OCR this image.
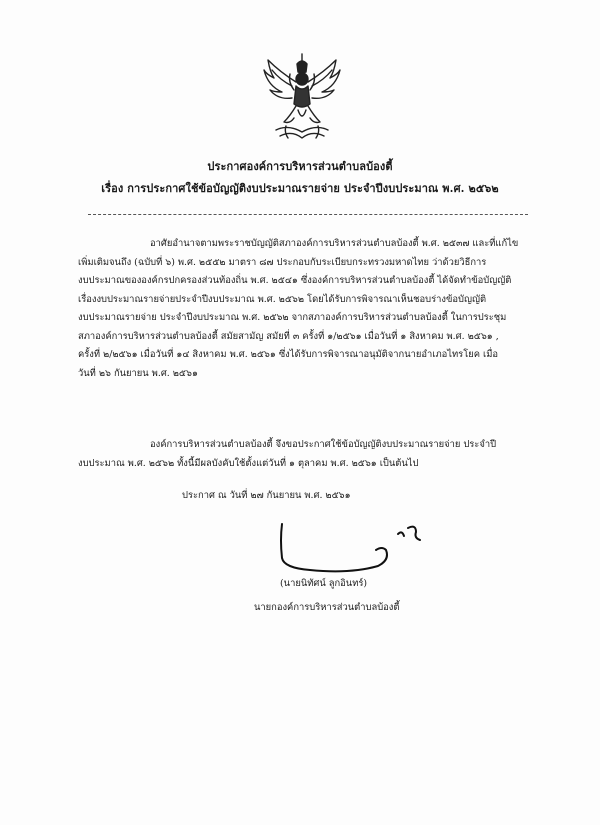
ประกาศองค์การบริหารส่วนตำบลบ้องตี้
เรื่อง การประกาศใช้ข้อบัญญัติงบประมาณรายจ่าย ประจำปีงบประมาณ พ.ศ. ๒๕๖๒
อาศัยอำนาจตามพระราชบัญญัติสภาองค์การบริหารส่วนตำบลบ้องตี้ พ.ศ. ๒๕๓๗ และที่แก้ไข
เพิ่มเติมจนถึง (ฉบับที่ ๖) พ.ศ. ๒๕๕๒ มาตรา ๘๗ ประกอบกับระเบียบกระทรวงมหาดไทย ว่าด้วยวิธีการ
งบประมาณขององค์กรปกครองส่วนท้องถิ่น พ.ศ. ๒๕๔๑ ซึ่งองค์การบริหารส่วนตำบลบ้องตี้ ได้จัดทำข้อบัญญัติ
เรื่องงบประมาณรายจ่ายประจำปีงบประมาณ พ.ศ. ๒๕๖๒ โดยได้รับการพิจารณาเห็นชอบร่างข้อบัญญัติ
งบประมาณรายจ่าย ประจำปีงบประมาณ พ.ศ. ๒๕๖๒ จากสภาองค์การบริหารส่วนตำบลบ้องตี้ ในการประชุม
สภาองค์การบริหารส่วนตำบลบ้องตี้ สมัยสามัญ สมัยที่ ๓ ครั้งที่ ๑/๒๕๖๑ เมื่อวันที่ ๑ สิงหาคม พ.ศ. ๒๕๖๑ ,
ครั้งที่ ๒/๒๕๖๑ เมื่อวันที่ ๑๔ สิงหาคม พ.ศ. ๒๕๖๑ ซึ่งได้รับการพิจารณาอนุมัติจากนายอำเภอไทรโยค เมื่อ
วันที่ ๒๖ กันยายน พ.ศ. ๒๕๖๑
องค์การบริหารส่วนตำบลบ้องตี้ จึงขอประกาศใช้ข้อบัญญัติงบประมาณรายจ่าย ประจำปี
งบประมาณ พ.ศ. ๒๕๖๒ ทั้งนี้มีผลบังคับใช้ตั้งแต่วันที่ ๑ ตุลาคม พ.ศ. ๒๕๖๑ เป็นต้นไป
ประกาศ ณ วันที่ ๒๗ กันยายน พ.ศ. ๒๕๖๑
(นายนิทัศน์ ลูกอินทร์)
นายกองค์การบริหารส่วนตำบลบ้องตี้
